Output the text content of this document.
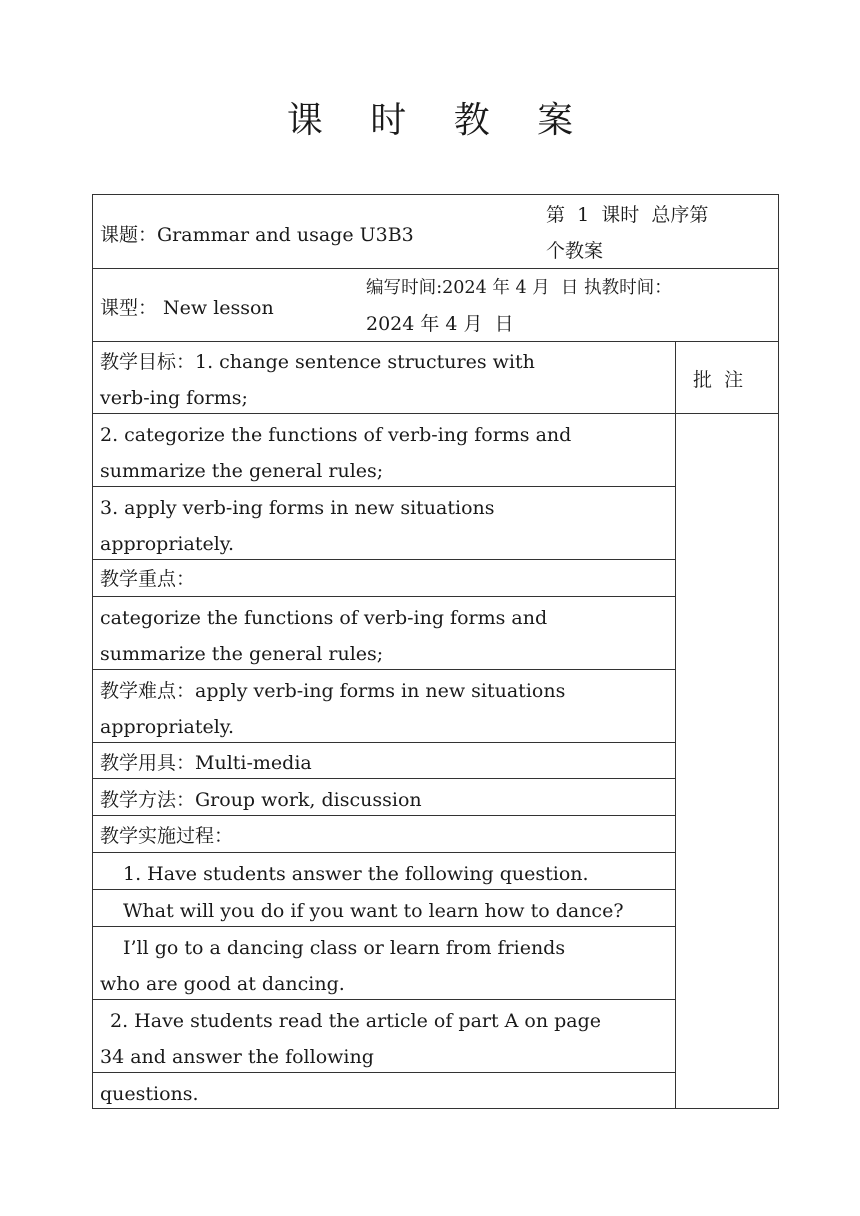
课 时 教 案
课题：Grammar and usage U3B3
第  1  课时  总序第
个教案
课型： New lesson
编写时间:2024 年 4 月  日 执教时间：
2024 年 4 月  日
教学目标：1. change sentence structures with
verb-ing forms;
批  注
2. categorize the functions of verb-ing forms and
summarize the general rules;
3. apply verb-ing forms in new situations
appropriately.
教学重点：
categorize the functions of verb-ing forms and
summarize the general rules;
教学难点：apply verb-ing forms in new situations
appropriately.
教学用具：Multi-media
教学方法：Group work, discussion
教学实施过程：
1. Have students answer the following question.
What will you do if you want to learn how to dance?
I’ll go to a dancing class or learn from friends
who are good at dancing.
2. Have students read the article of part A on page
34 and answer the following
questions.
